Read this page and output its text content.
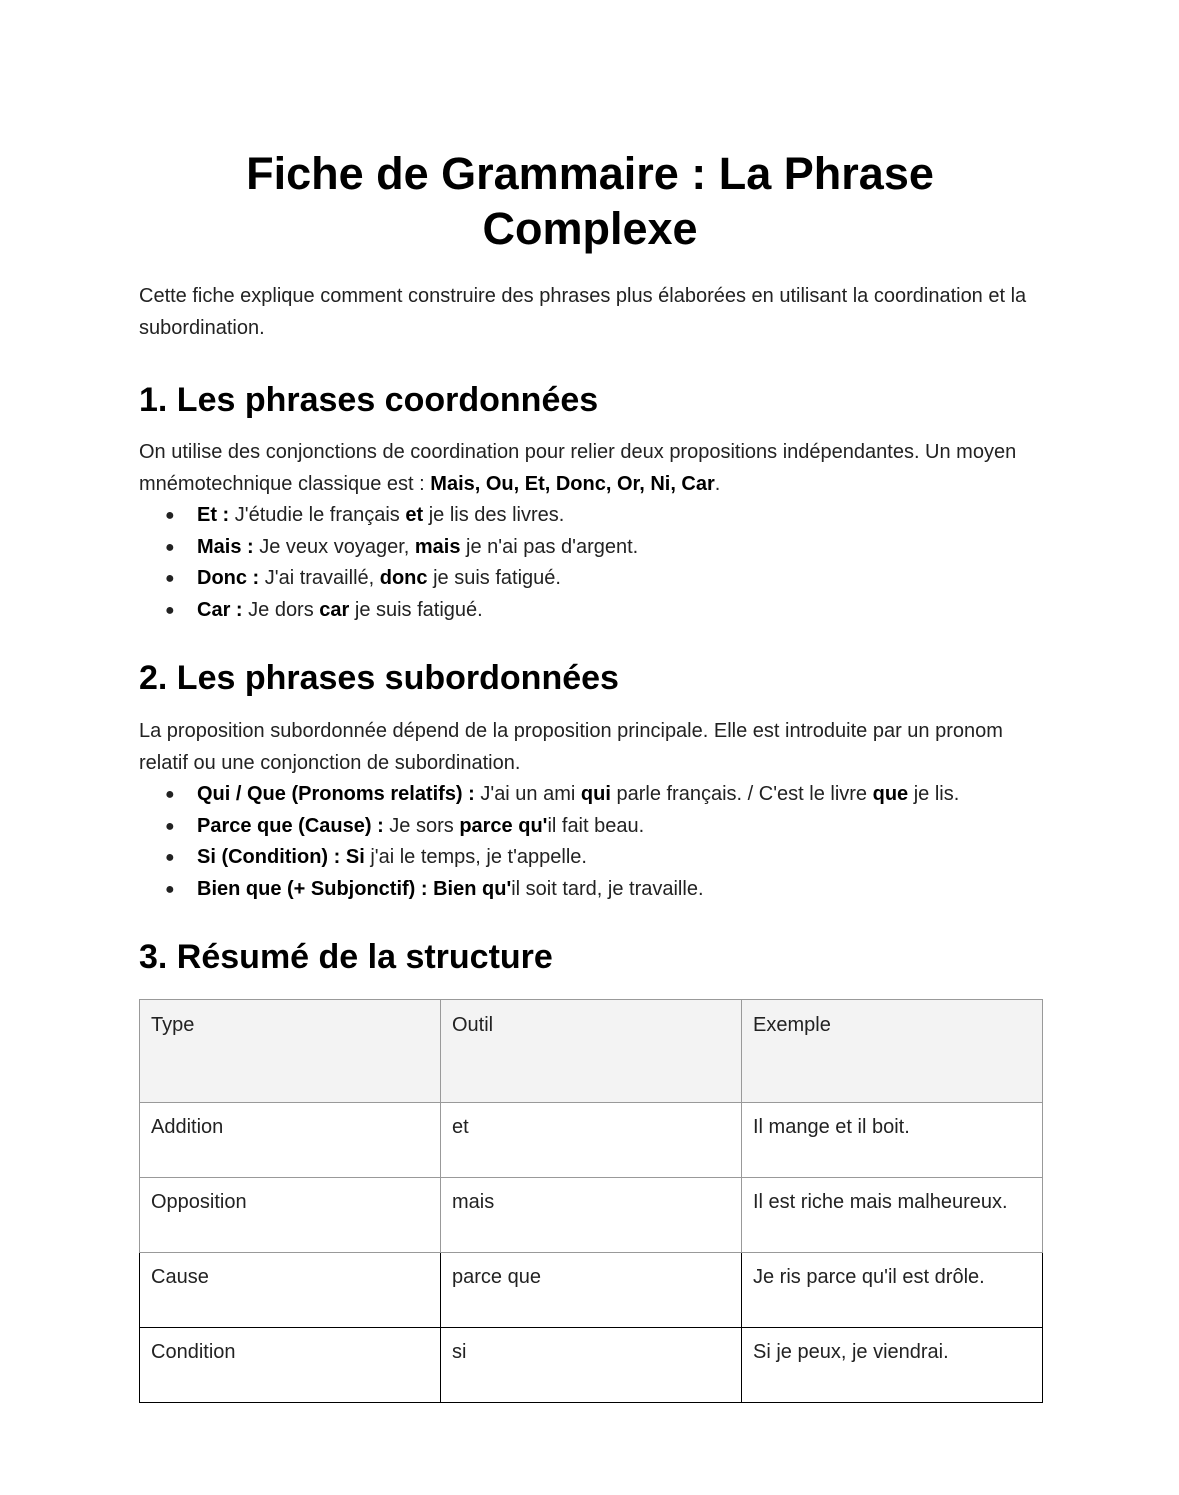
Fiche de Grammaire : La Phrase Complexe

Cette fiche explique comment construire des phrases plus élaborées en utilisant la coordination et la subordination.

1. Les phrases coordonnées

On utilise des conjonctions de coordination pour relier deux propositions indépendantes. Un moyen mnémotechnique classique est : Mais, Ou, Et, Donc, Or, Ni, Car.

● Et : J'étudie le français et je lis des livres.
● Mais : Je veux voyager, mais je n'ai pas d'argent.
● Donc : J'ai travaillé, donc je suis fatigué.
● Car : Je dors car je suis fatigué.
2. Les phrases subordonnées

La proposition subordonnée dépend de la proposition principale. Elle est introduite par un pronom relatif ou une conjonction de subordination.

● Qui / Que (Pronoms relatifs) : J'ai un ami qui parle français. / C'est le livre que je lis.
● Parce que (Cause) : Je sors parce qu'il fait beau.
● Si (Condition) : Si j'ai le temps, je t'appelle.
● Bien que (+ Subjonctif) : Bien qu'il soit tard, je travaille.
3. Résumé de la structure
Type	Outil	Exemple
Addition	et	Il mange et il boit.
Opposition	mais	Il est riche mais malheureux.
Cause	parce que	Je ris parce qu'il est drôle.
Condition	si	Si je peux, je viendrai.
